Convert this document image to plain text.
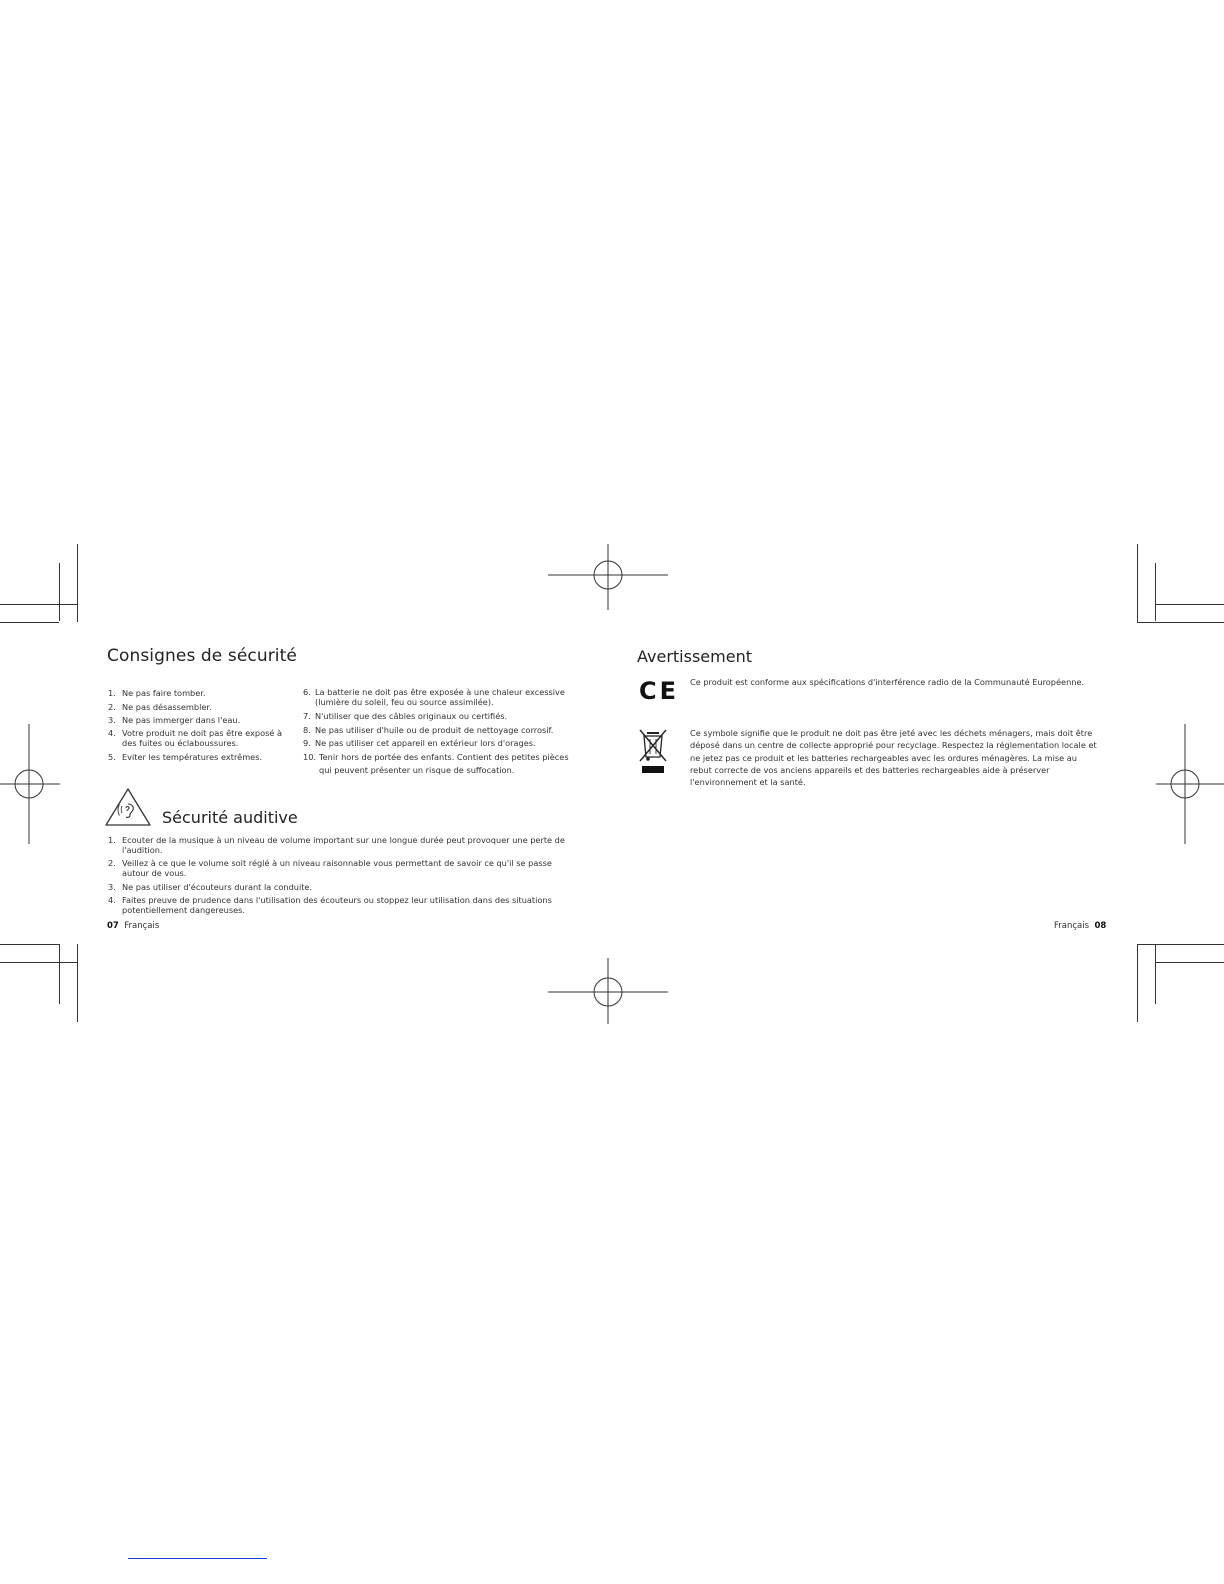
Consignes de sécurité
1. Ne pas faire tomber.
2. Ne pas désassembler.
3. Ne pas immerger dans l'eau.
4. Votre produit ne doit pas être exposé à des fuites ou éclaboussures.
5. Eviter les températures extrêmes.
6. La batterie ne doit pas être exposée à une chaleur excessive (lumière du soleil, feu ou source assimilée).
7. N'utiliser que des câbles originaux ou certifiés.
8. Ne pas utiliser d'huile ou de produit de nettoyage corrosif.
9. Ne pas utiliser cet appareil en extérieur lors d'orages.
10. Tenir hors de portée des enfants. Contient des petites pièces qui peuvent présenter un risque de suffocation.
Sécurité auditive
1. Ecouter de la musique à un niveau de volume important sur une longue durée peut provoquer une perte de l'audition.
2. Veillez à ce que le volume soit réglé à un niveau raisonnable vous permettant de savoir ce qu'il se passe autour de vous.
3. Ne pas utiliser d'écouteurs durant la conduite.
4. Faites preuve de prudence dans l'utilisation des écouteurs ou stoppez leur utilisation dans des situations potentiellement dangereuses.
07 Français
Avertissement
CE Ce produit est conforme aux spécifications d'interférence radio de la Communauté Européenne.
Ce symbole signifie que le produit ne doit pas être jeté avec les déchets ménagers, mais doit être déposé dans un centre de collecte approprié pour recyclage. Respectez la réglementation locale et ne jetez pas ce produit et les batteries rechargeables avec les ordures ménagères. La mise au rebut correcte de vos anciens appareils et des batteries rechargeables aide à préserver l'environnement et la santé.
Français 08
